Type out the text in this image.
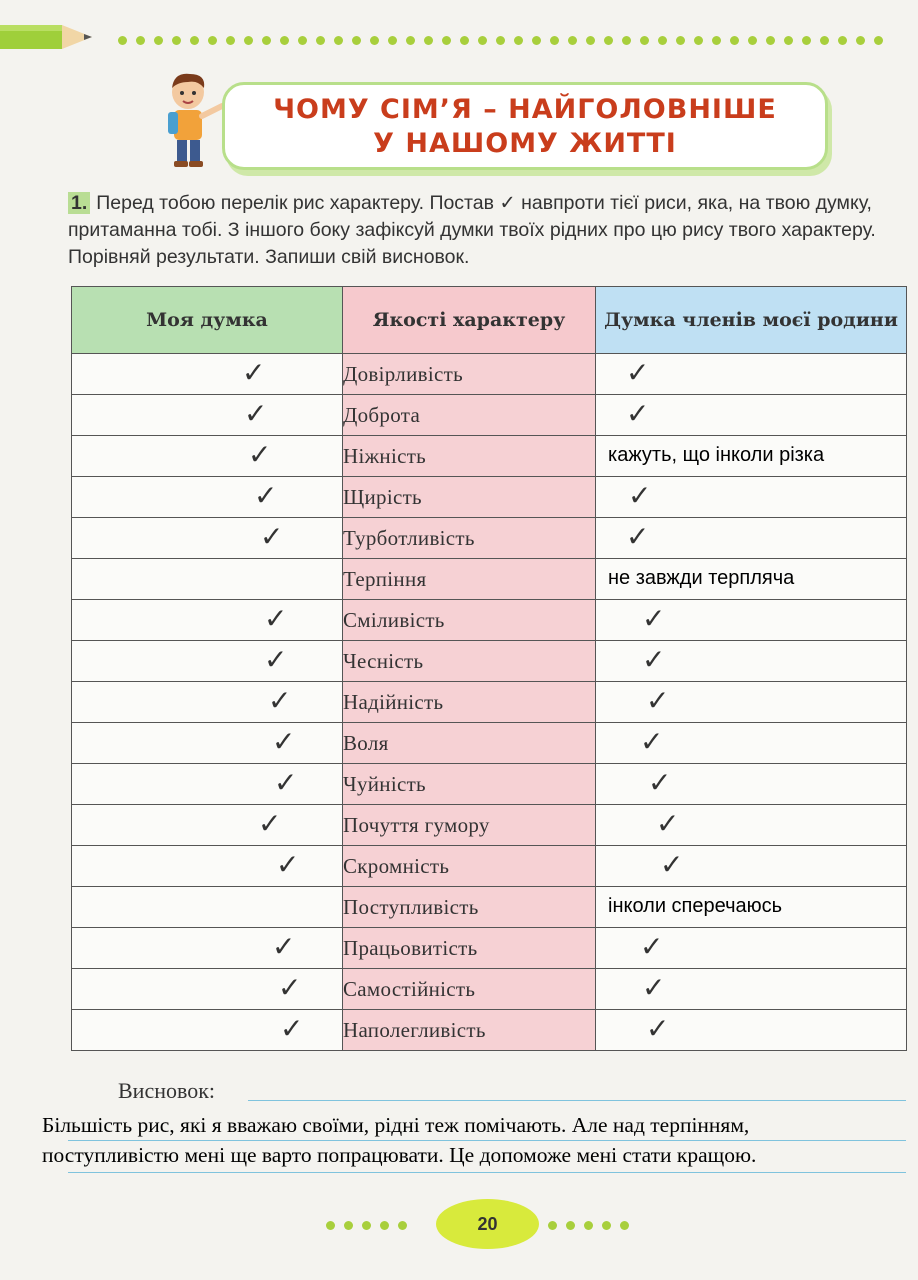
ЧОМУ СІМ’Я – НАЙГОЛОВНІШЕ
У НАШОМУ ЖИТТІ
1. Перед тобою перелік рис характеру. Постав ✓ навпроти тієї риси, яка, на твою думку, притаманна тобі. З іншого боку зафіксуй думки твоїх рідних про цю рису твого характеру. Порівняй результати. Запиши свій висновок.
Моя думка	Якості характеру	Думка членів моєї родини

✓	Довірливість	✓

✓	Доброта	✓

✓	Ніжність	кажуть, що інколи різка

✓	Щирість	✓

✓	Турботливість	✓

	Терпіння	не завжди терпляча

✓	Сміливість	✓

✓	Чесність	✓

✓	Надійність	✓

✓	Воля	✓

✓	Чуйність	✓

✓	Почуття гумору	✓

✓	Скромність	✓

	Поступливість	інколи сперечаюсь

✓	Працьовитість	✓

✓	Самостійність	✓

✓	Наполегливість	✓
Висновок:
Більшість рис, які я вважаю своїми, рідні теж помічають. Але над терпінням,
поступливістю мені ще варто попрацювати. Це допоможе мені стати кращою.
20
